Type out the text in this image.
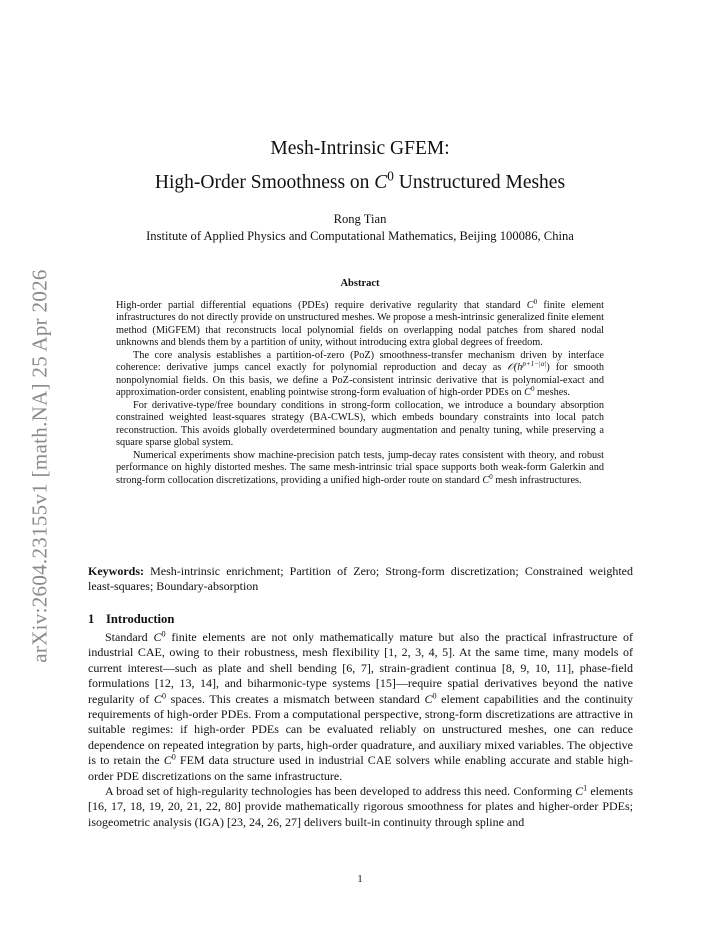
arXiv:2604.23155v1 [math.NA] 25 Apr 2026
Mesh-Intrinsic GFEM:
High-Order Smoothness on $C^0$ Unstructured Meshes
Rong Tian
Institute of Applied Physics and Computational Mathematics, Beijing 100086, China
Abstract

High-order partial differential equations (PDEs) require derivative regularity that standard $C^0$ finite element infrastructures do not directly provide on unstructured meshes. We propose a mesh-intrinsic generalized finite element method (MiGFEM) that reconstructs local polynomial fields on overlapping nodal patches from shared nodal unknowns and blends them by a partition of unity, without introducing extra global degrees of freedom.

The core analysis establishes a partition-of-zero (PoZ) smoothness-transfer mechanism driven by interface coherence: derivative jumps cancel exactly for polynomial reproduction and decay as $𝒪(h^{p+1-|\alpha|})$ for smooth nonpolynomial fields. On this basis, we define a PoZ-consistent intrinsic derivative that is polynomial-exact and approximation-order consistent, enabling pointwise strong-form evaluation of high-order PDEs on $C^0$ meshes.

For derivative-type/free boundary conditions in strong-form collocation, we introduce a boundary absorption constrained weighted least-squares strategy (BA-CWLS), which embeds boundary constraints into local patch reconstruction. This avoids globally overdetermined boundary augmentation and penalty tuning, while preserving a square sparse global system.

Numerical experiments show machine-precision patch tests, jump-decay rates consistent with theory, and robust performance on highly distorted meshes. The same mesh-intrinsic trial space supports both weak-form Galerkin and strong-form collocation discretizations, providing a unified high-order route on standard $C^0$ mesh infrastructures.

Keywords: Mesh-intrinsic enrichment; Partition of Zero; Strong-form discretization; Constrained weighted least-squares; Boundary-absorption
1 Introduction

Standard $C^0$ finite elements are not only mathematically mature but also the practical infrastructure of industrial CAE, owing to their robustness, mesh flexibility [1, 2, 3, 4, 5]. At the same time, many models of current interest—such as plate and shell bending [6, 7], strain-gradient continua [8, 9, 10, 11], phase-field formulations [12, 13, 14], and biharmonic-type systems [15]—require spatial derivatives beyond the native regularity of $C^0$ spaces. This creates a mismatch between standard $C^0$ element capabilities and the continuity requirements of high-order PDEs. From a computational perspective, strong-form discretizations are attractive in suitable regimes: if high-order PDEs can be evaluated reliably on unstructured meshes, one can reduce dependence on repeated integration by parts, high-order quadrature, and auxiliary mixed variables. The objective is to retain the $C^0$ FEM data structure used in industrial CAE solvers while enabling accurate and stable high-order PDE discretizations on the same infrastructure.

A broad set of high-regularity technologies has been developed to address this need. Conforming $C^1$ elements [16, 17, 18, 19, 20, 21, 22, 80] provide mathematically rigorous smoothness for plates and higher-order PDEs; isogeometric analysis (IGA) [23, 24, 26, 27] delivers built-in continuity through spline and

1
